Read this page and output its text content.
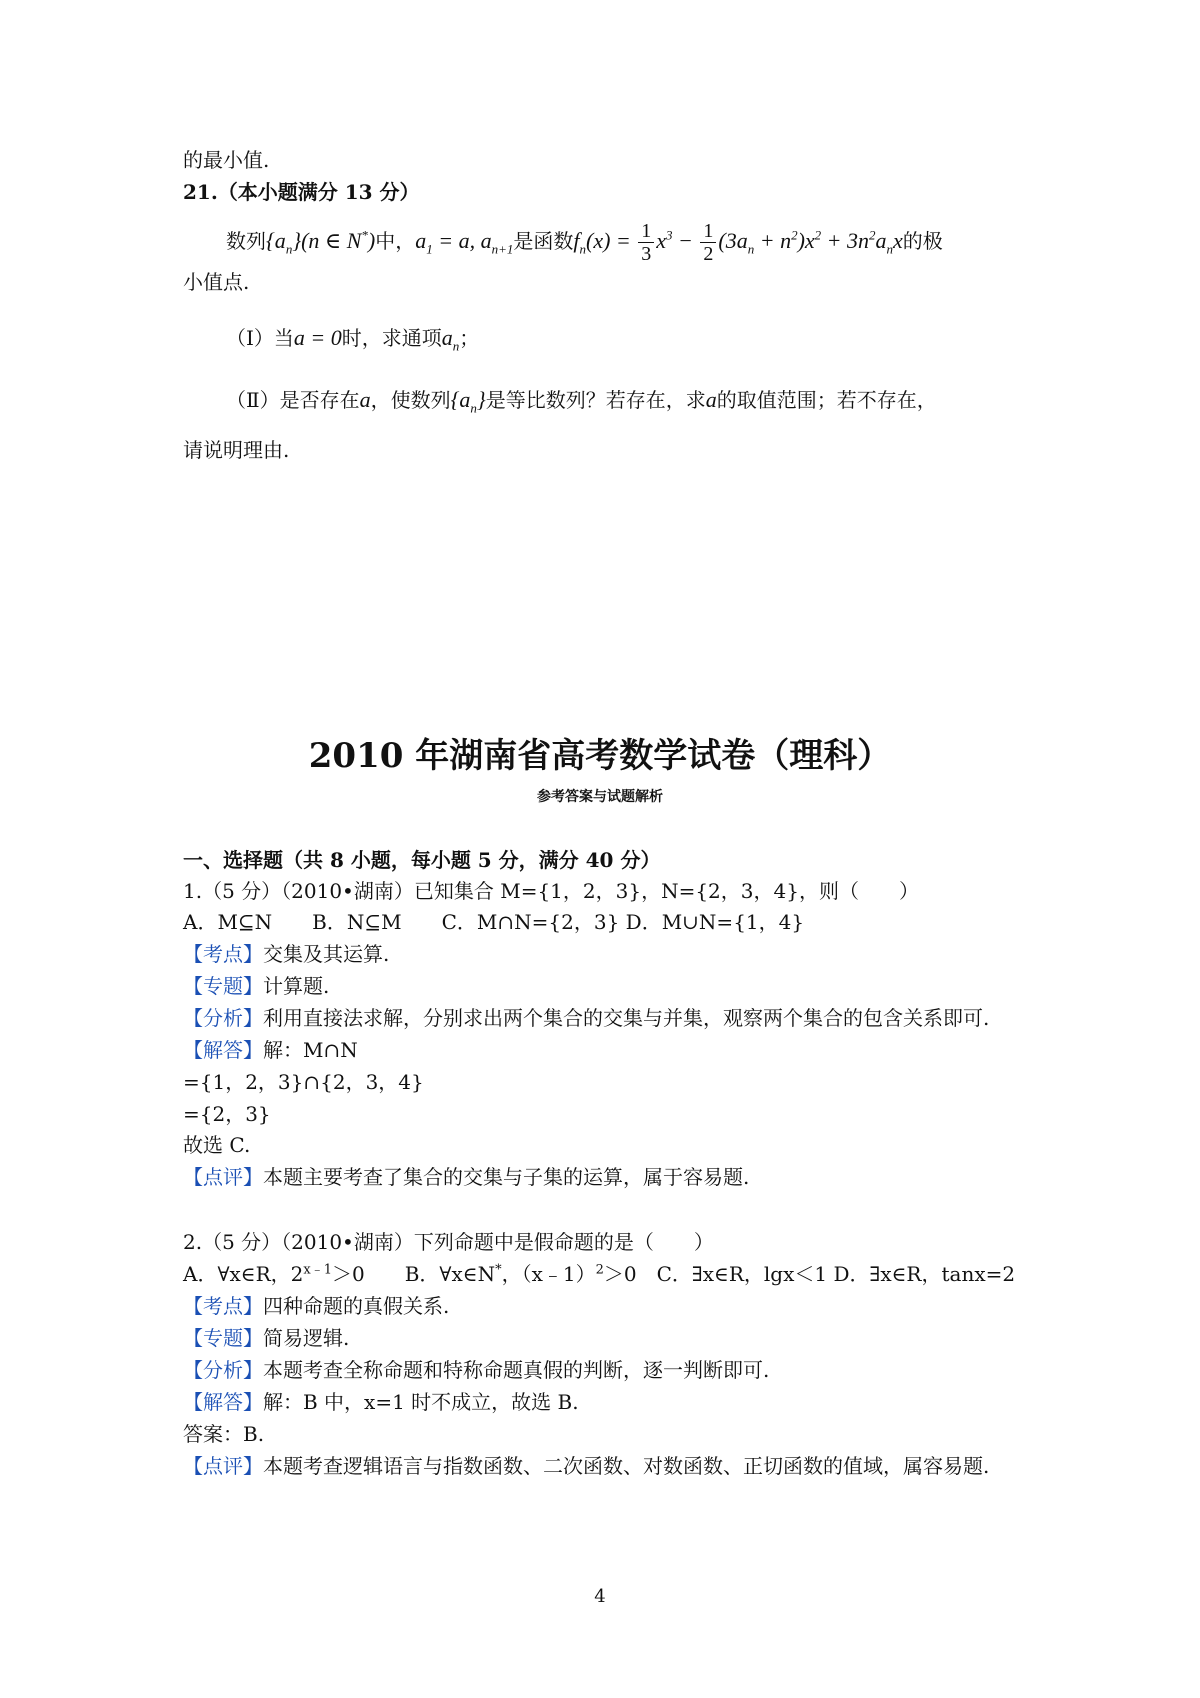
的最小值.
21.（本小题满分 13 分）
数列$\{a_n\}(n$ ∈ N*)中，$a_1 = a$, $a_{n+1}$是函数$f_n(x) = \frac{1}{3} x^3 - \frac{1}{2} (3a_n + n^2)x^2 + 3n^2a_nx$的极
小值点.
（Ⅰ）当a = 0时，求通项$a_n$；
（Ⅱ）是否存在a，使数列$\{a_n\}$是等比数列？若存在，求a的取值范围；若不存在，
请说明理由.
2010 年湖南省高考数学试卷（理科）
参考答案与试题解析
一、选择题（共 8 小题，每小题 5 分，满分 40 分）
1.（5 分）（2010•湖南）已知集合 M={1，2，3}，N={2，3，4}，则（　　）
A．M⊆N　　B．N⊆M　　C．M∩N={2，3} D．M∪N={1，4}
【考点】交集及其运算.
【专题】计算题.
【分析】利用直接法求解，分别求出两个集合的交集与并集，观察两个集合的包含关系即可.
【解答】解：M∩N
={1，2，3}∩{2，3，4}
={2，3}
故选 C.
【点评】本题主要考查了集合的交集与子集的运算，属于容易题.
2.（5 分）（2010•湖南）下列命题中是假命题的是（　　）
A．∀x∈R，$2^{x﹣1}>0$　　B．∀x∈N*，（x﹣1）$^2$＞0　C．∃x∈R，lgx＜1 D．∃x∈R，tanx=2
【考点】四种命题的真假关系.
【专题】简易逻辑.
【分析】本题考查全称命题和特称命题真假的判断，逐一判断即可.
【解答】解：B 中，x=1 时不成立，故选 B.
答案：B.
【点评】本题考查逻辑语言与指数函数、二次函数、对数函数、正切函数的值域，属容易题.
4
